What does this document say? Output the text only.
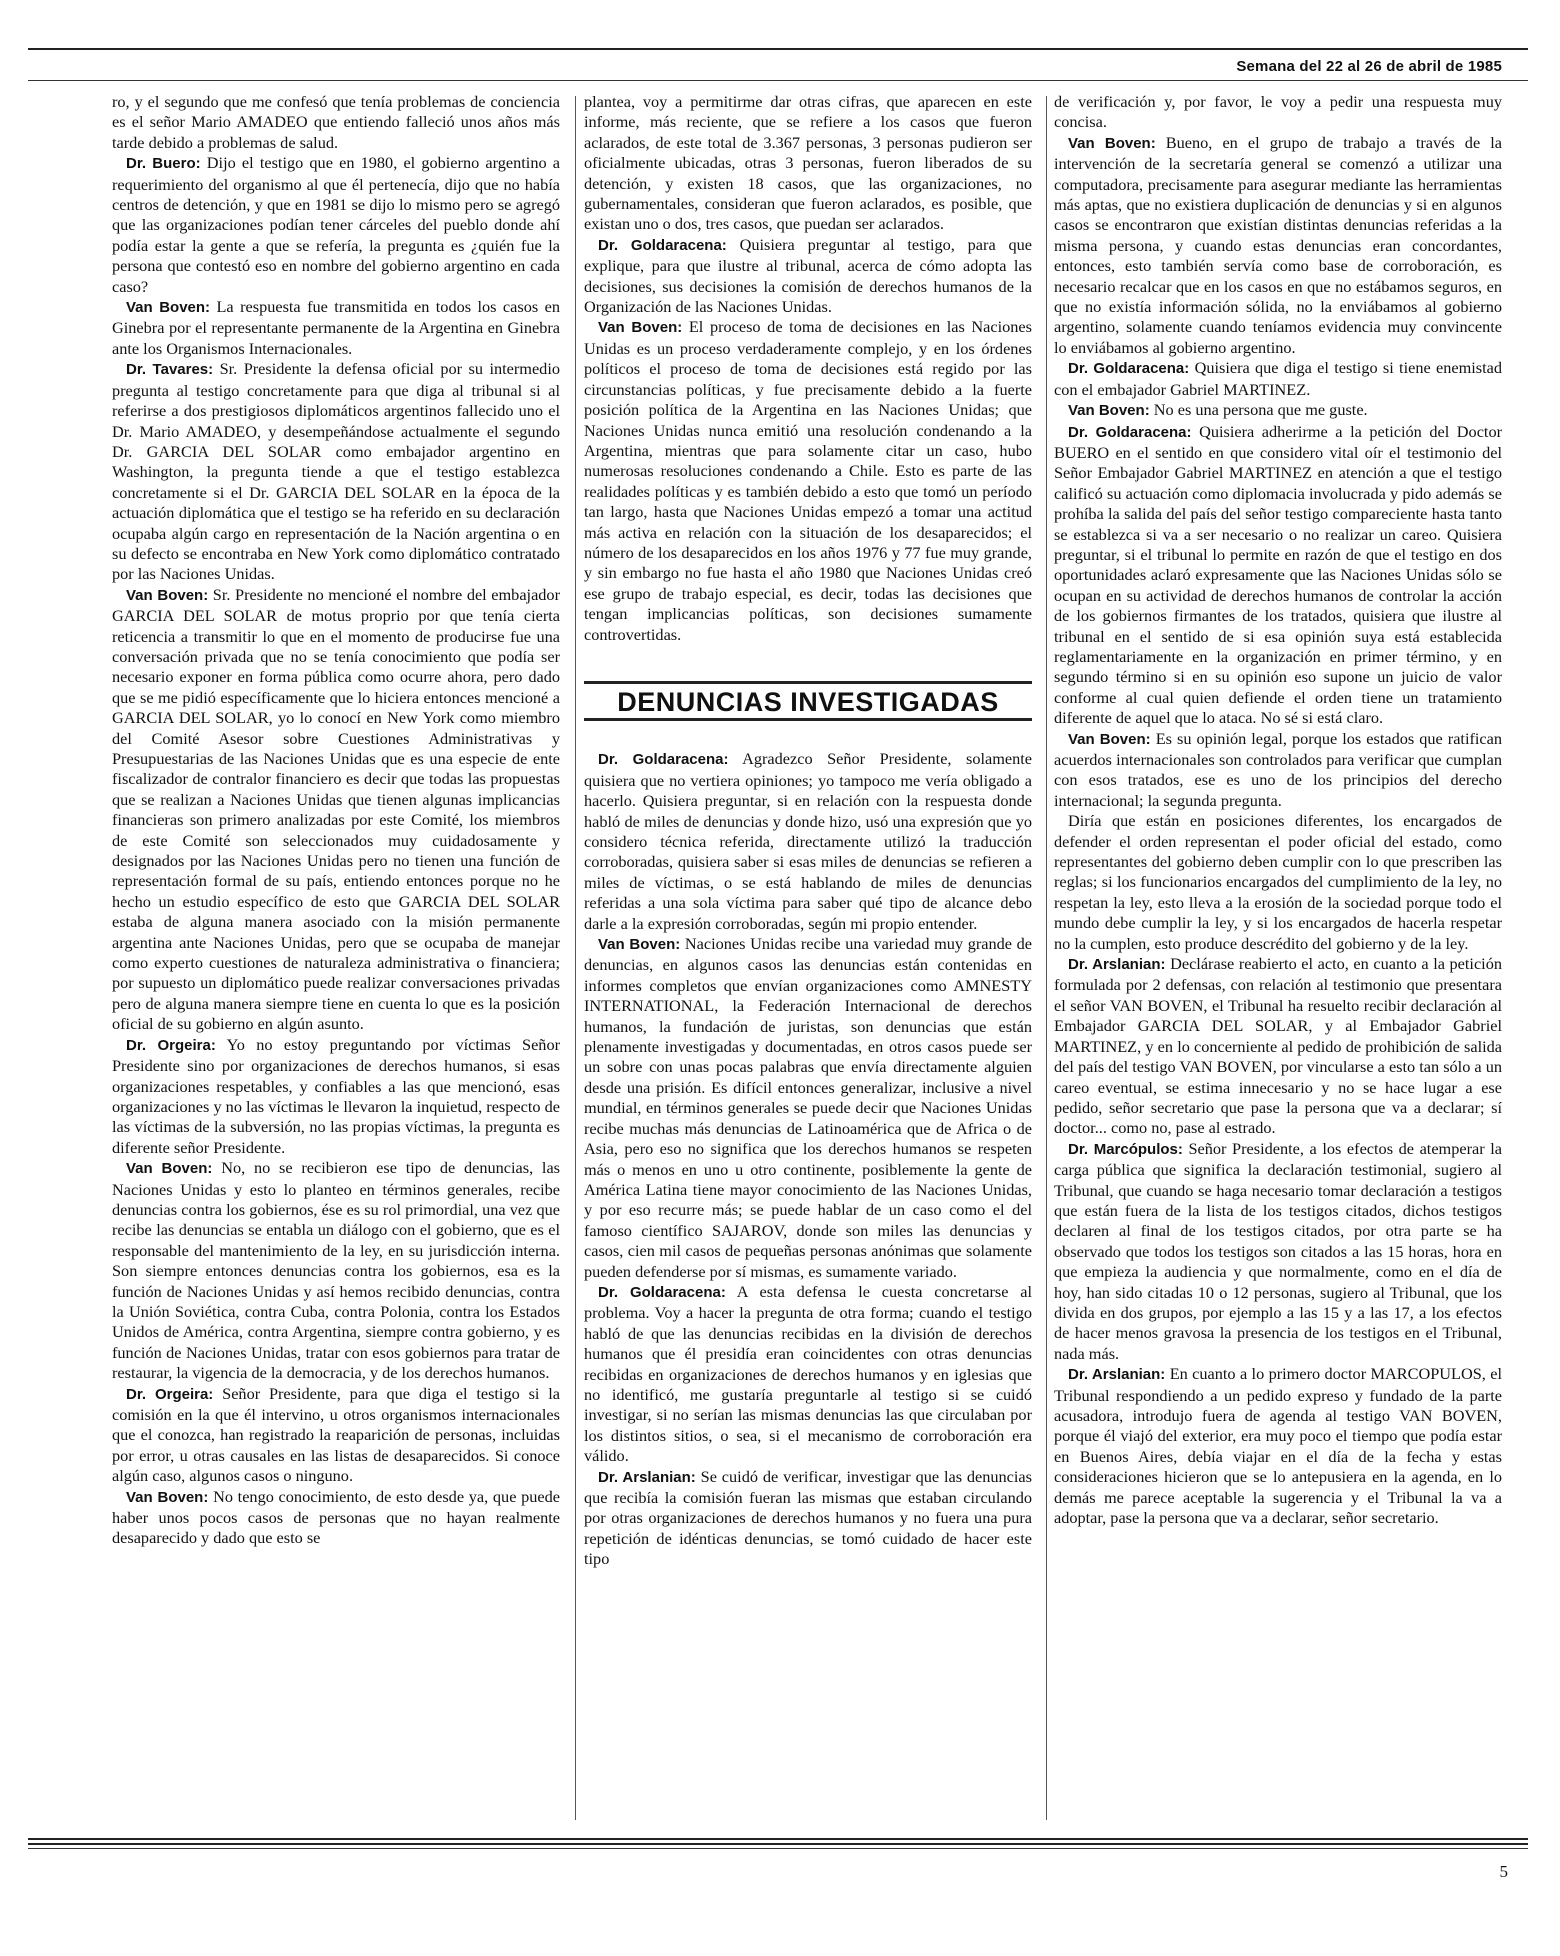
Semana del 22 al 26 de abril de 1985

ro, y el segundo que me confesó que tenía problemas de conciencia es el señor Mario AMADEO que entiendo falleció unos años más tarde debido a problemas de salud.

Dr. Buero: Dijo el testigo que en 1980, el gobierno argentino a requerimiento del organismo al que él pertenecía, dijo que no había centros de detención, y que en 1981 se dijo lo mismo pero se agregó que las organizaciones podían tener cárceles del pueblo donde ahí podía estar la gente a que se refería, la pregunta es ¿quién fue la persona que contestó eso en nombre del gobierno argentino en cada caso?

Van Boven: La respuesta fue transmitida en todos los casos en Ginebra por el representante permanente de la Argentina en Ginebra ante los Organismos Internacionales.

Dr. Tavares: Sr. Presidente la defensa oficial por su intermedio pregunta al testigo concretamente para que diga al tribunal si al referirse a dos prestigiosos diplomáticos argentinos fallecido uno el Dr. Mario AMADEO, y desempeñándose actualmente el segundo Dr. GARCIA DEL SOLAR como embajador argentino en Washington, la pregunta tiende a que el testigo establezca concretamente si el Dr. GARCIA DEL SOLAR en la época de la actuación diplomática que el testigo se ha referido en su declaración ocupaba algún cargo en representación de la Nación argentina o en su defecto se encontraba en New York como diplomático contratado por las Naciones Unidas.

Van Boven: Sr. Presidente no mencioné el nombre del embajador GARCIA DEL SOLAR de motus proprio por que tenía cierta reticencia a transmitir lo que en el momento de producirse fue una conversación privada que no se tenía conocimiento que podía ser necesario exponer en forma pública como ocurre ahora, pero dado que se me pidió específicamente que lo hiciera entonces mencioné a GARCIA DEL SOLAR, yo lo conocí en New York como miembro del Comité Asesor sobre Cuestiones Administrativas y Presupuestarias de las Naciones Unidas que es una especie de ente fiscalizador de contralor financiero es decir que todas las propuestas que se realizan a Naciones Unidas que tienen algunas implicancias financieras son primero analizadas por este Comité, los miembros de este Comité son seleccionados muy cuidadosamente y designados por las Naciones Unidas pero no tienen una función de representación formal de su país, entiendo entonces porque no he hecho un estudio específico de esto que GARCIA DEL SOLAR estaba de alguna manera asociado con la misión permanente argentina ante Naciones Unidas, pero que se ocupaba de manejar como experto cuestiones de naturaleza administrativa o financiera; por supuesto un diplomático puede realizar conversaciones privadas pero de alguna manera siempre tiene en cuenta lo que es la posición oficial de su gobierno en algún asunto.

Dr. Orgeira: Yo no estoy preguntando por víctimas Señor Presidente sino por organizaciones de derechos humanos, si esas organizaciones respetables, y confiables a las que mencionó, esas organizaciones y no las víctimas le llevaron la inquietud, respecto de las víctimas de la subversión, no las propias víctimas, la pregunta es diferente señor Presidente.

Van Boven: No, no se recibieron ese tipo de denuncias, las Naciones Unidas y esto lo planteo en términos generales, recibe denuncias contra los gobiernos, ése es su rol primordial, una vez que recibe las denuncias se entabla un diálogo con el gobierno, que es el responsable del mantenimiento de la ley, en su jurisdicción interna. Son siempre entonces denuncias contra los gobiernos, esa es la función de Naciones Unidas y así hemos recibido denuncias, contra la Unión Soviética, contra Cuba, contra Polonia, contra los Estados Unidos de América, contra Argentina, siempre contra gobierno, y es función de Naciones Unidas, tratar con esos gobiernos para tratar de restaurar, la vigencia de la democracia, y de los derechos humanos.

Dr. Orgeira: Señor Presidente, para que diga el testigo si la comisión en la que él intervino, u otros organismos internacionales que el conozca, han registrado la reaparición de personas, incluidas por error, u otras causales en las listas de desaparecidos. Si conoce algún caso, algunos casos o ninguno.

Van Boven: No tengo conocimiento, de esto desde ya, que puede haber unos pocos casos de personas que no hayan realmente desaparecido y dado que esto se

plantea, voy a permitirme dar otras cifras, que aparecen en este informe, más reciente, que se refiere a los casos que fueron aclarados, de este total de 3.367 personas, 3 personas pudieron ser oficialmente ubicadas, otras 3 personas, fueron liberados de su detención, y existen 18 casos, que las organizaciones, no gubernamentales, consideran que fueron aclarados, es posible, que existan uno o dos, tres casos, que puedan ser aclarados.

Dr. Goldaracena: Quisiera preguntar al testigo, para que explique, para que ilustre al tribunal, acerca de cómo adopta las decisiones, sus decisiones la comisión de derechos humanos de la Organización de las Naciones Unidas.

Van Boven: El proceso de toma de decisiones en las Naciones Unidas es un proceso verdaderamente complejo, y en los órdenes políticos el proceso de toma de decisiones está regido por las circunstancias políticas, y fue precisamente debido a la fuerte posición política de la Argentina en las Naciones Unidas; que Naciones Unidas nunca emitió una resolución condenando a la Argentina, mientras que para solamente citar un caso, hubo numerosas resoluciones condenando a Chile. Esto es parte de las realidades políticas y es también debido a esto que tomó un período tan largo, hasta que Naciones Unidas empezó a tomar una actitud más activa en relación con la situación de los desaparecidos; el número de los desaparecidos en los años 1976 y 77 fue muy grande, y sin embargo no fue hasta el año 1980 que Naciones Unidas creó ese grupo de trabajo especial, es decir, todas las decisiones que tengan implicancias políticas, son decisiones sumamente controvertidas.

DENUNCIAS INVESTIGADAS

Dr. Goldaracena: Agradezco Señor Presidente, solamente quisiera que no vertiera opiniones; yo tampoco me vería obligado a hacerlo. Quisiera preguntar, si en relación con la respuesta donde habló de miles de denuncias y donde hizo, usó una expresión que yo considero técnica referida, directamente utilizó la traducción corroboradas, quisiera saber si esas miles de denuncias se refieren a miles de víctimas, o se está hablando de miles de denuncias referidas a una sola víctima para saber qué tipo de alcance debo darle a la expresión corroboradas, según mi propio entender.

Van Boven: Naciones Unidas recibe una variedad muy grande de denuncias, en algunos casos las denuncias están contenidas en informes completos que envían organizaciones como AMNESTY INTERNATIONAL, la Federación Internacional de derechos humanos, la fundación de juristas, son denuncias que están plenamente investigadas y documentadas, en otros casos puede ser un sobre con unas pocas palabras que envía directamente alguien desde una prisión. Es difícil entonces generalizar, inclusive a nivel mundial, en términos generales se puede decir que Naciones Unidas recibe muchas más denuncias de Latinoamérica que de Africa o de Asia, pero eso no significa que los derechos humanos se respeten más o menos en uno u otro continente, posiblemente la gente de América Latina tiene mayor conocimiento de las Naciones Unidas, y por eso recurre más; se puede hablar de un caso como el del famoso científico SAJAROV, donde son miles las denuncias y casos, cien mil casos de pequeñas personas anónimas que solamente pueden defenderse por sí mismas, es sumamente variado.

Dr. Goldaracena: A esta defensa le cuesta concretarse al problema. Voy a hacer la pregunta de otra forma; cuando el testigo habló de que las denuncias recibidas en la división de derechos humanos que él presidía eran coincidentes con otras denuncias recibidas en organizaciones de derechos humanos y en iglesias que no identificó, me gustaría preguntarle al testigo si se cuidó investigar, si no serían las mismas denuncias las que circulaban por los distintos sitios, o sea, si el mecanismo de corroboración era válido.

Dr. Arslanian: Se cuidó de verificar, investigar que las denuncias que recibía la comisión fueran las mismas que estaban circulando por otras organizaciones de derechos humanos y no fuera una pura repetición de idénticas denuncias, se tomó cuidado de hacer este tipo

de verificación y, por favor, le voy a pedir una respuesta muy concisa.

Van Boven: Bueno, en el grupo de trabajo a través de la intervención de la secretaría general se comenzó a utilizar una computadora, precisamente para asegurar mediante las herramientas más aptas, que no existiera duplicación de denuncias y si en algunos casos se encontraron que existían distintas denuncias referidas a la misma persona, y cuando estas denuncias eran concordantes, entonces, esto también servía como base de corroboración, es necesario recalcar que en los casos en que no estábamos seguros, en que no existía información sólida, no la enviábamos al gobierno argentino, solamente cuando teníamos evidencia muy convincente lo enviábamos al gobierno argentino.

Dr. Goldaracena: Quisiera que diga el testigo si tiene enemistad con el embajador Gabriel MARTINEZ.

Van Boven: No es una persona que me guste.

Dr. Goldaracena: Quisiera adherirme a la petición del Doctor BUERO en el sentido en que considero vital oír el testimonio del Señor Embajador Gabriel MARTINEZ en atención a que el testigo calificó su actuación como diplomacia involucrada y pido además se prohíba la salida del país del señor testigo compareciente hasta tanto se establezca si va a ser necesario o no realizar un careo. Quisiera preguntar, si el tribunal lo permite en razón de que el testigo en dos oportunidades aclaró expresamente que las Naciones Unidas sólo se ocupan en su actividad de derechos humanos de controlar la acción de los gobiernos firmantes de los tratados, quisiera que ilustre al tribunal en el sentido de si esa opinión suya está establecida reglamentariamente en la organización en primer término, y en segundo término si en su opinión eso supone un juicio de valor conforme al cual quien defiende el orden tiene un tratamiento diferente de aquel que lo ataca. No sé si está claro.

Van Boven: Es su opinión legal, porque los estados que ratifican acuerdos internacionales son controlados para verificar que cumplan con esos tratados, ese es uno de los principios del derecho internacional; la segunda pregunta.

Diría que están en posiciones diferentes, los encargados de defender el orden representan el poder oficial del estado, como representantes del gobierno deben cumplir con lo que prescriben las reglas; si los funcionarios encargados del cumplimiento de la ley, no respetan la ley, esto lleva a la erosión de la sociedad porque todo el mundo debe cumplir la ley, y si los encargados de hacerla respetar no la cumplen, esto produce descrédito del gobierno y de la ley.

Dr. Arslanian: Declárase reabierto el acto, en cuanto a la petición formulada por 2 defensas, con relación al testimonio que presentara el señor VAN BOVEN, el Tribunal ha resuelto recibir declaración al Embajador GARCIA DEL SOLAR, y al Embajador Gabriel MARTINEZ, y en lo concerniente al pedido de prohibición de salida del país del testigo VAN BOVEN, por vincularse a esto tan sólo a un careo eventual, se estima innecesario y no se hace lugar a ese pedido, señor secretario que pase la persona que va a declarar; sí doctor... como no, pase al estrado.

Dr. Marcópulos: Señor Presidente, a los efectos de atemperar la carga pública que significa la declaración testimonial, sugiero al Tribunal, que cuando se haga necesario tomar declaración a testigos que están fuera de la lista de los testigos citados, dichos testigos declaren al final de los testigos citados, por otra parte se ha observado que todos los testigos son citados a las 15 horas, hora en que empieza la audiencia y que normalmente, como en el día de hoy, han sido citadas 10 o 12 personas, sugiero al Tribunal, que los divida en dos grupos, por ejemplo a las 15 y a las 17, a los efectos de hacer menos gravosa la presencia de los testigos en el Tribunal, nada más.

Dr. Arslanian: En cuanto a lo primero doctor MARCOPULOS, el Tribunal respondiendo a un pedido expreso y fundado de la parte acusadora, introdujo fuera de agenda al testigo VAN BOVEN, porque él viajó del exterior, era muy poco el tiempo que podía estar en Buenos Aires, debía viajar en el día de la fecha y estas consideraciones hicieron que se lo antepusiera en la agenda, en lo demás me parece aceptable la sugerencia y el Tribunal la va a adoptar, pase la persona que va a declarar, señor secretario.

5
